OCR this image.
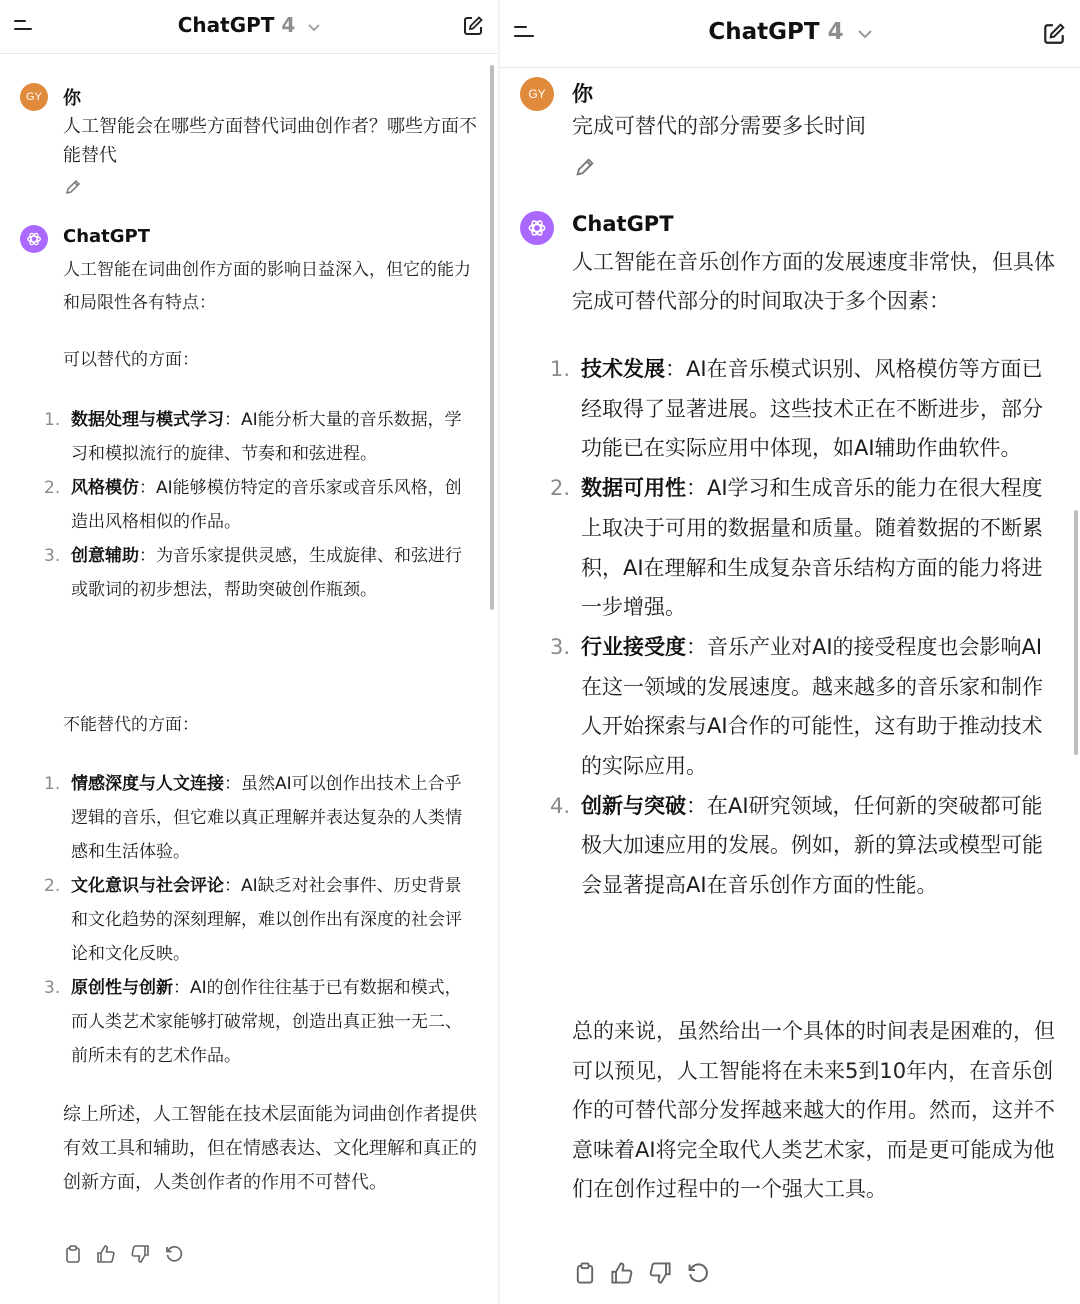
ChatGPT 4
GY 你
人工智能会在哪些方面替代词曲创作者？哪些方面不能替代
ChatGPT
人工智能在词曲创作方面的影响日益深入，但它的能力和局限性各有特点：
可以替代的方面：
1. 数据处理与模式学习：AI能分析大量的音乐数据，学习和模拟流行的旋律、节奏和和弦进程。
2. 风格模仿：AI能够模仿特定的音乐家或音乐风格，创造出风格相似的作品。
3. 创意辅助：为音乐家提供灵感，生成旋律、和弦进行或歌词的初步想法，帮助突破创作瓶颈。
不能替代的方面：
1. 情感深度与人文连接：虽然AI可以创作出技术上合乎逻辑的音乐，但它难以真正理解并表达复杂的人类情感和生活体验。
2. 文化意识与社会评论：AI缺乏对社会事件、历史背景和文化趋势的深刻理解，难以创作出有深度的社会评论和文化反映。
3. 原创性与创新：AI的创作往往基于已有数据和模式，而人类艺术家能够打破常规，创造出真正独一无二、前所未有的艺术作品。
综上所述，人工智能在技术层面能为词曲创作者提供有效工具和辅助，但在情感表达、文化理解和真正的创新方面，人类创作者的作用不可替代。
ChatGPT 4
GY 你
完成可替代的部分需要多长时间
ChatGPT
人工智能在音乐创作方面的发展速度非常快，但具体完成可替代部分的时间取决于多个因素：
1. 技术发展：AI在音乐模式识别、风格模仿等方面已经取得了显著进展。这些技术正在不断进步，部分功能已在实际应用中体现，如AI辅助作曲软件。
2. 数据可用性：AI学习和生成音乐的能力在很大程度上取决于可用的数据量和质量。随着数据的不断累积，AI在理解和生成复杂音乐结构方面的能力将进一步增强。
3. 行业接受度：音乐产业对AI的接受程度也会影响AI在这一领域的发展速度。越来越多的音乐家和制作人开始探索与AI合作的可能性，这有助于推动技术的实际应用。
4. 创新与突破：在AI研究领域，任何新的突破都可能极大加速应用的发展。例如，新的算法或模型可能会显著提高AI在音乐创作方面的性能。
总的来说，虽然给出一个具体的时间表是困难的，但可以预见，人工智能将在未来5到10年内，在音乐创作的可替代部分发挥越来越大的作用。然而，这并不意味着AI将完全取代人类艺术家，而是更可能成为他们在创作过程中的一个强大工具。
